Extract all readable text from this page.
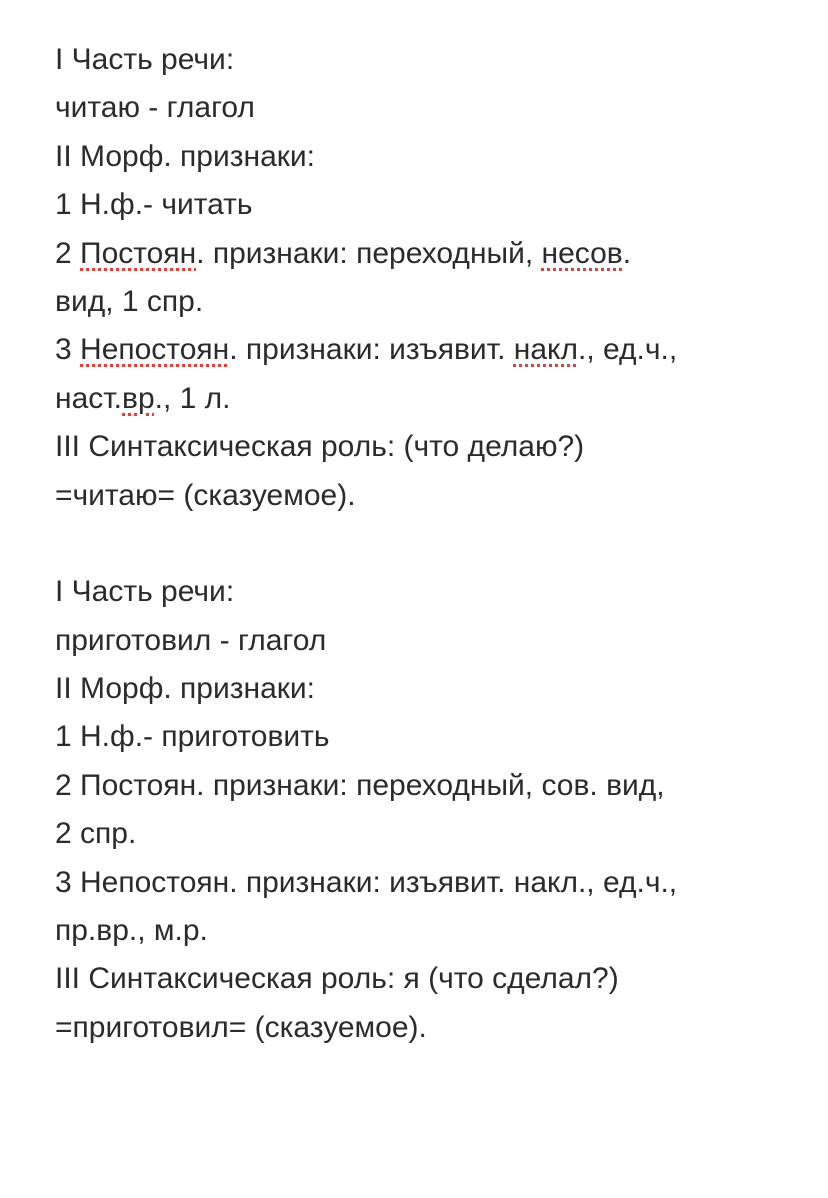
I Часть речи:
читаю - глагол
II Морф. признаки:
1 Н.ф.- читать
2 Постоян. признаки: переходный, несов.
вид, 1 спр.
3 Непостоян. признаки: изъявит. накл., ед.ч.,
наст.вр., 1 л.
III Синтаксическая роль: (что делаю?)
=читаю= (сказуемое).
I Часть речи:
приготовил - глагол
II Морф. признаки:
1 Н.ф.- приготовить
2 Постоян. признаки: переходный, сов. вид,
2 спр.
3 Непостоян. признаки: изъявит. накл., ед.ч.,
пр.вр., м.р.
III Синтаксическая роль: я (что сделал?)
=приготовил= (сказуемое).
